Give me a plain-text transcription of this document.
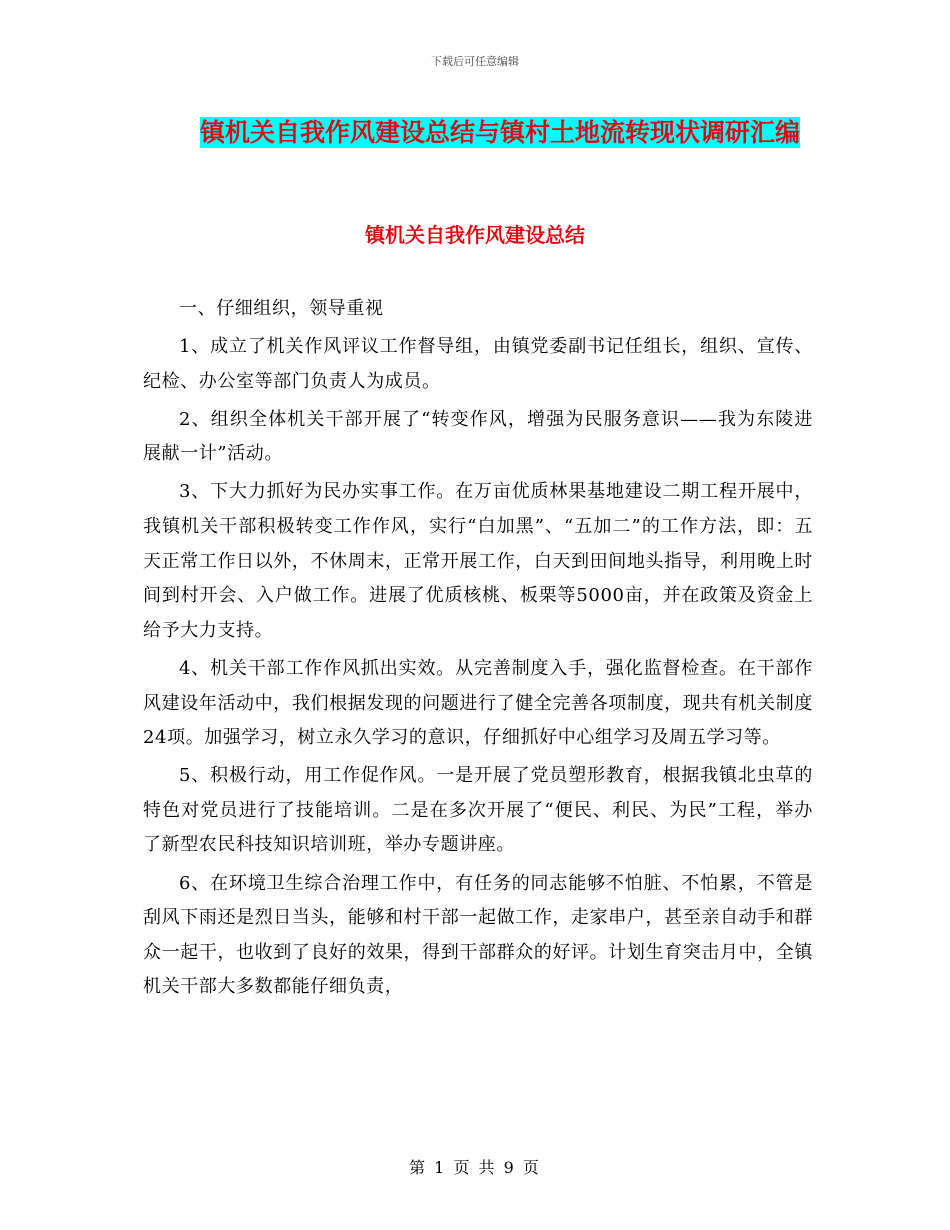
下载后可任意编辑
镇机关自我作风建设总结与镇村土地流转现状调研汇编
镇机关自我作风建设总结

一、仔细组织，领导重视

1、成立了机关作风评议工作督导组，由镇党委副书记任组长，组织、宣传、纪检、办公室等部门负责人为成员。

2、组织全体机关干部开展了“转变作风，增强为民服务意识——我为东陵进展献一计”活动。

3、下大力抓好为民办实事工作。在万亩优质林果基地建设二期工程开展中，我镇机关干部积极转变工作作风，实行“白加黑”、“五加二”的工作方法，即：五天正常工作日以外，不休周末，正常开展工作，白天到田间地头指导，利用晚上时间到村开会、入户做工作。进展了优质核桃、板栗等5000亩，并在政策及资金上给予大力支持。

4、机关干部工作作风抓出实效。从完善制度入手，强化监督检查。在干部作风建设年活动中，我们根据发现的问题进行了健全完善各项制度，现共有机关制度24项。加强学习，树立永久学习的意识，仔细抓好中心组学习及周五学习等。

5、积极行动，用工作促作风。一是开展了党员塑形教育，根据我镇北虫草的特色对党员进行了技能培训。二是在多次开展了“便民、利民、为民”工程，举办了新型农民科技知识培训班，举办专题讲座。

6、在环境卫生综合治理工作中，有任务的同志能够不怕脏、不怕累，不管是刮风下雨还是烈日当头，能够和村干部一起做工作，走家串户，甚至亲自动手和群众一起干，也收到了良好的效果，得到干部群众的好评。计划生育突击月中，全镇机关干部大多数都能仔细负责，

第 1 页 共 9 页
